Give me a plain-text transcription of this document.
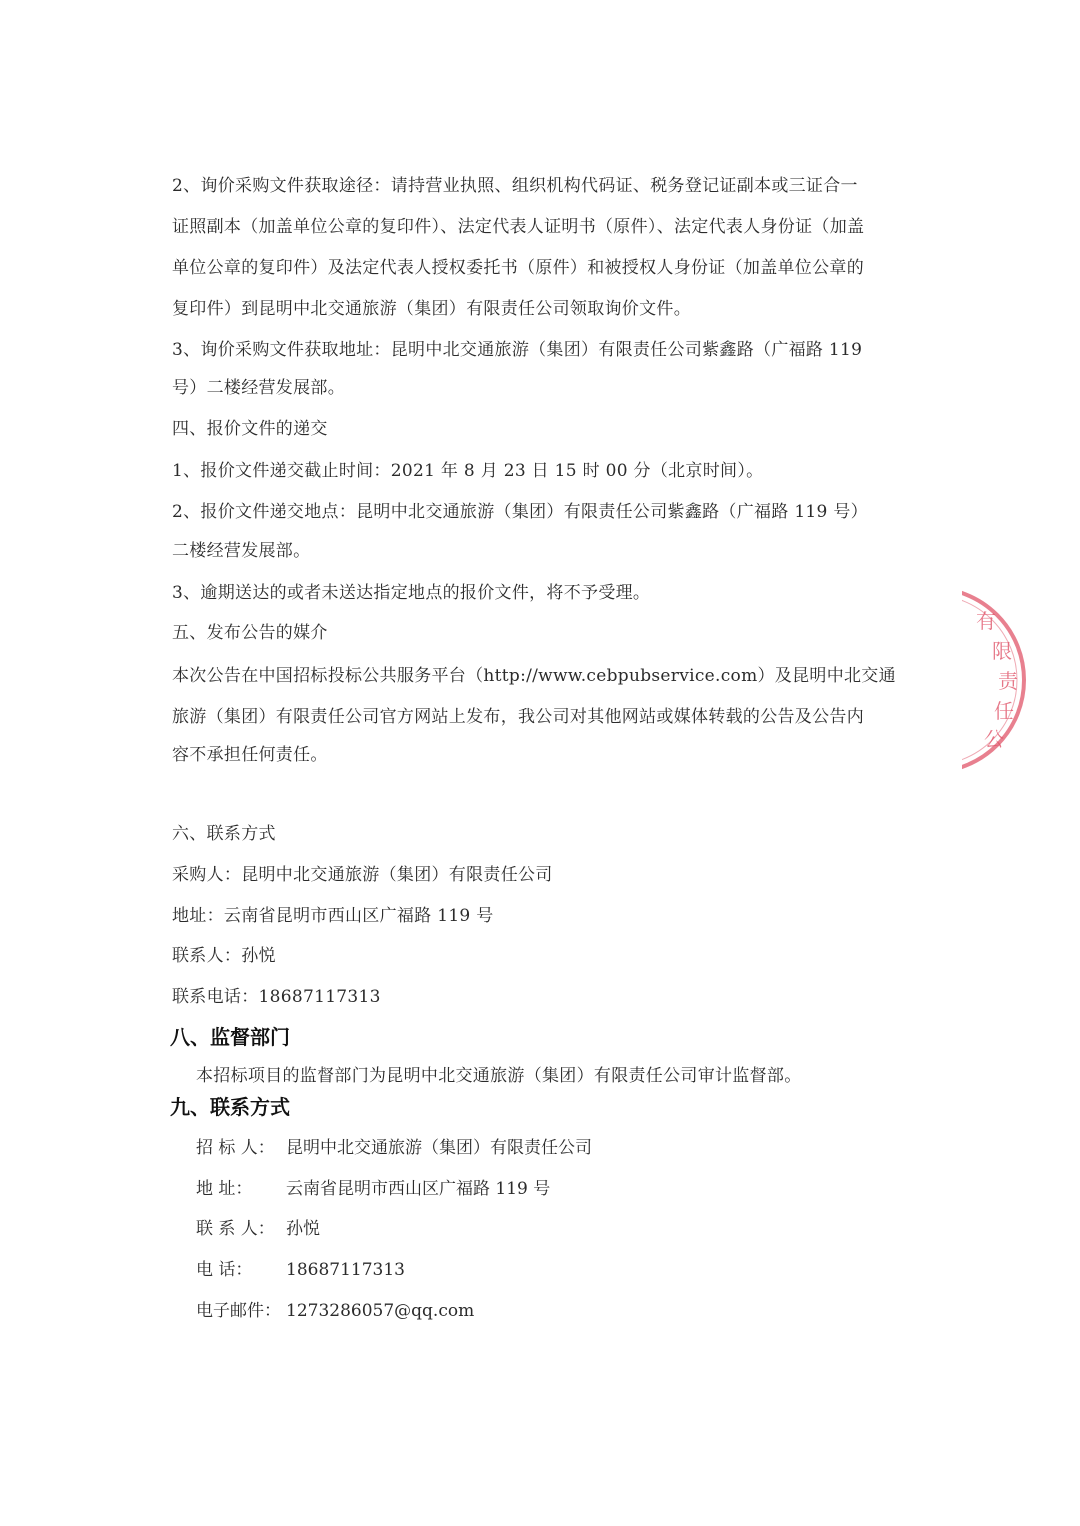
2、询价采购文件获取途径：请持营业执照、组织机构代码证、税务登记证副本或三证合一
证照副本（加盖单位公章的复印件）、法定代表人证明书（原件）、法定代表人身份证（加盖
单位公章的复印件）及法定代表人授权委托书（原件）和被授权人身份证（加盖单位公章的
复印件）到昆明中北交通旅游（集团）有限责任公司领取询价文件。
3、询价采购文件获取地址：昆明中北交通旅游（集团）有限责任公司紫鑫路（广福路 119
号）二楼经营发展部。
四、报价文件的递交
1、报价文件递交截止时间：2021 年 8 月 23 日 15 时 00 分（北京时间）。
2、报价文件递交地点：昆明中北交通旅游（集团）有限责任公司紫鑫路（广福路 119 号）
二楼经营发展部。
3、逾期送达的或者未送达指定地点的报价文件，将不予受理。
五、发布公告的媒介
本次公告在中国招标投标公共服务平台（http://www.cebpubservice.com）及昆明中北交通
旅游（集团）有限责任公司官方网站上发布，我公司对其他网站或媒体转载的公告及公告内
容不承担任何责任。
六、联系方式
采购人：昆明中北交通旅游（集团）有限责任公司
地址：云南省昆明市西山区广福路 119 号
联系人：孙悦
联系电话：18687117313
八、监督部门
本招标项目的监督部门为昆明中北交通旅游（集团）有限责任公司审计监督部。
九、联系方式
招 标 人： 昆明中北交通旅游（集团）有限责任公司
地 址： 云南省昆明市西山区广福路 119 号
联 系 人： 孙悦
电 话： 18687117313
电子邮件： 1273286057@qq.com
有 限 责 任 公
